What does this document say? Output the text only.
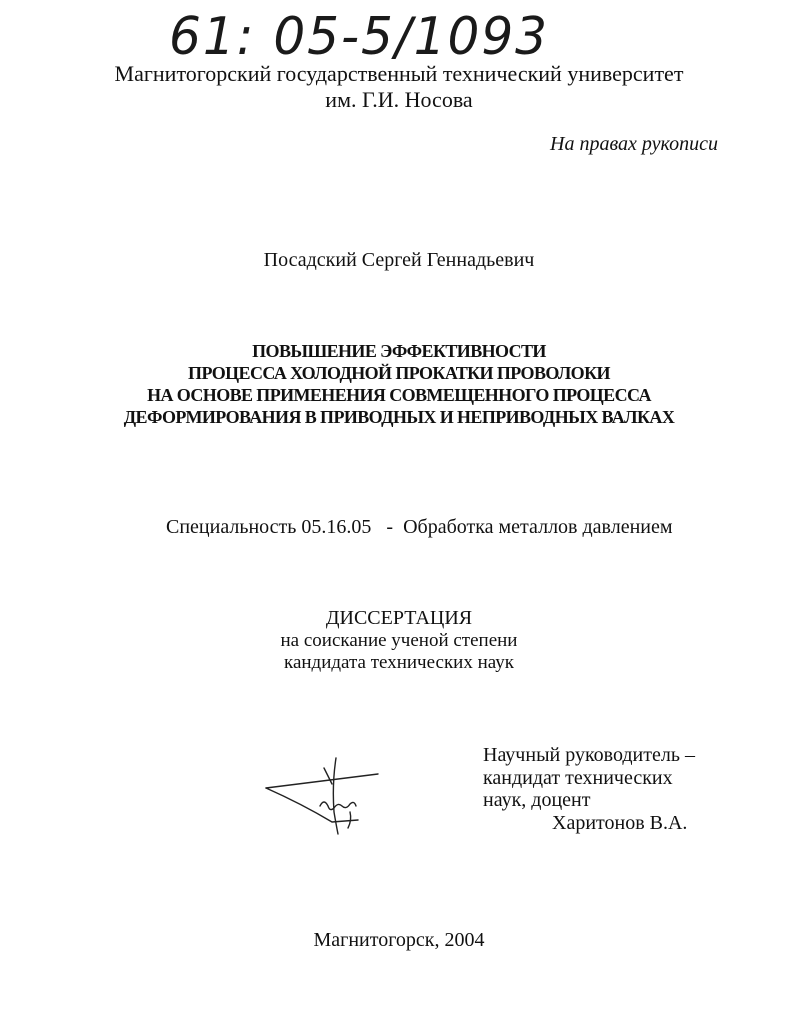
61: 05-5/1093
Магнитогорский государственный технический университет
им. Г.И. Носова
На правах рукописи
Посадский Сергей Геннадьевич
ПОВЫШЕНИЕ ЭФФЕКТИВНОСТИ
ПРОЦЕССА ХОЛОДНОЙ ПРОКАТКИ ПРОВОЛОКИ
НА ОСНОВЕ ПРИМЕНЕНИЯ СОВМЕЩЕННОГО ПРОЦЕССА
ДЕФОРМИРОВАНИЯ В ПРИВОДНЫХ И НЕПРИВОДНЫХ ВАЛКАХ
Специальность 05.16.05   -  Обработка металлов давлением
ДИССЕРТАЦИЯ
на соискание ученой степени
кандидата технических наук
Научный руководитель –
кандидат технических
наук, доцент
Харитонов В.А.
Магнитогорск, 2004
